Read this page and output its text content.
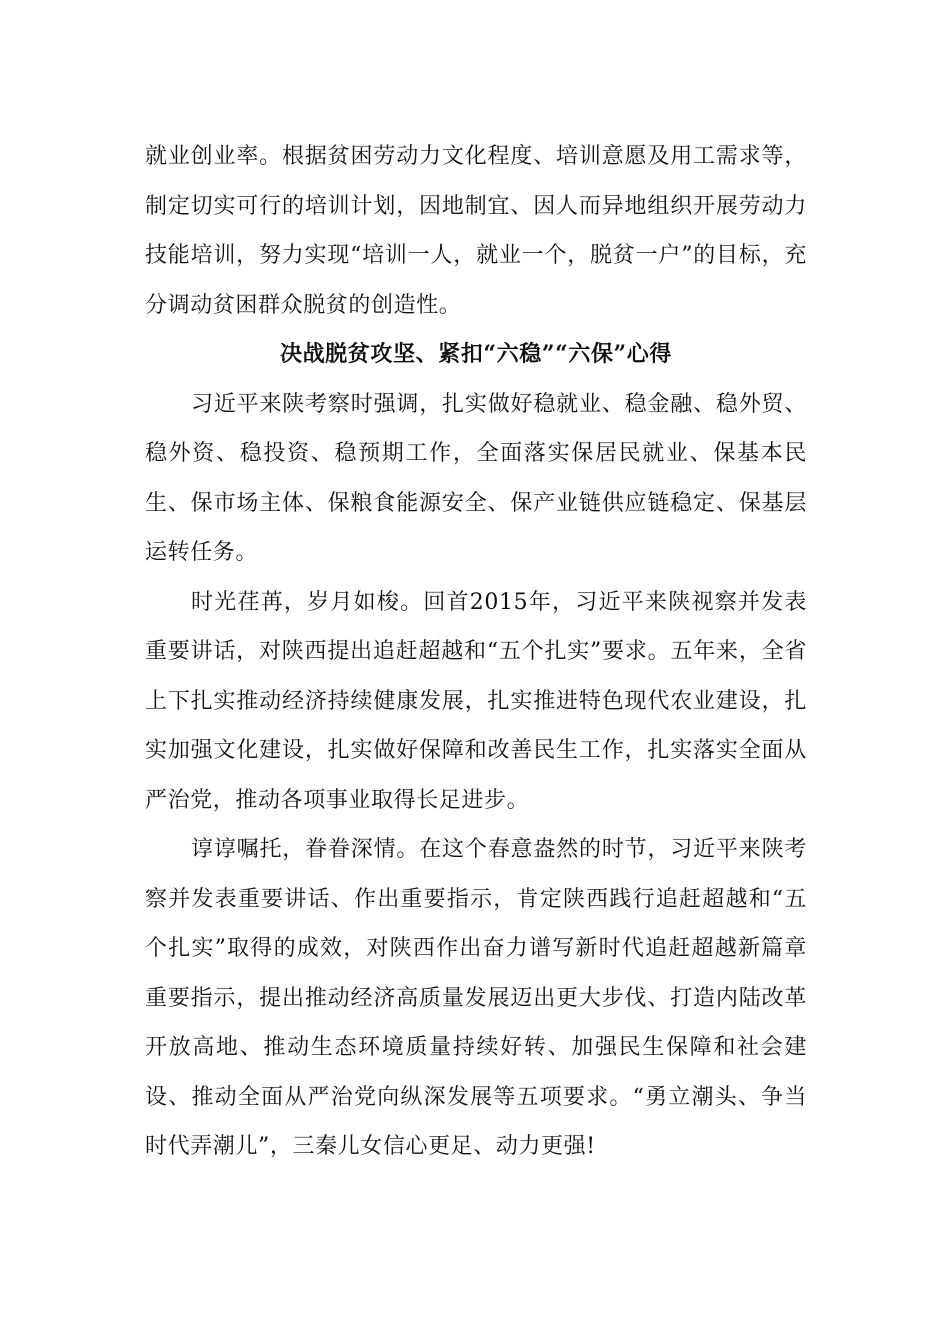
就业创业率。根据贫困劳动力文化程度、培训意愿及用工需求等，制定切实可行的培训计划，因地制宜、因人而异地组织开展劳动力技能培训，努力实现“培训一人，就业一个，脱贫一户”的目标，充分调动贫困群众脱贫的创造性。

决战脱贫攻坚、紧扣“六稳”“六保”心得

习近平来陕考察时强调，扎实做好稳就业、稳金融、稳外贸、稳外资、稳投资、稳预期工作，全面落实保居民就业、保基本民生、保市场主体、保粮食能源安全、保产业链供应链稳定、保基层运转任务。

时光荏苒，岁月如梭。回首2015年，习近平来陕视察并发表重要讲话，对陕西提出追赶超越和“五个扎实”要求。五年来，全省上下扎实推动经济持续健康发展，扎实推进特色现代农业建设，扎实加强文化建设，扎实做好保障和改善民生工作，扎实落实全面从严治党，推动各项事业取得长足进步。

谆谆嘱托，眷眷深情。在这个春意盎然的时节，习近平来陕考察并发表重要讲话、作出重要指示，肯定陕西践行追赶超越和“五个扎实”取得的成效，对陕西作出奋力谱写新时代追赶超越新篇章重要指示，提出推动经济高质量发展迈出更大步伐、打造内陆改革开放高地、推动生态环境质量持续好转、加强民生保障和社会建设、推动全面从严治党向纵深发展等五项要求。“勇立潮头、争当时代弄潮儿”，三秦儿女信心更足、动力更强!
